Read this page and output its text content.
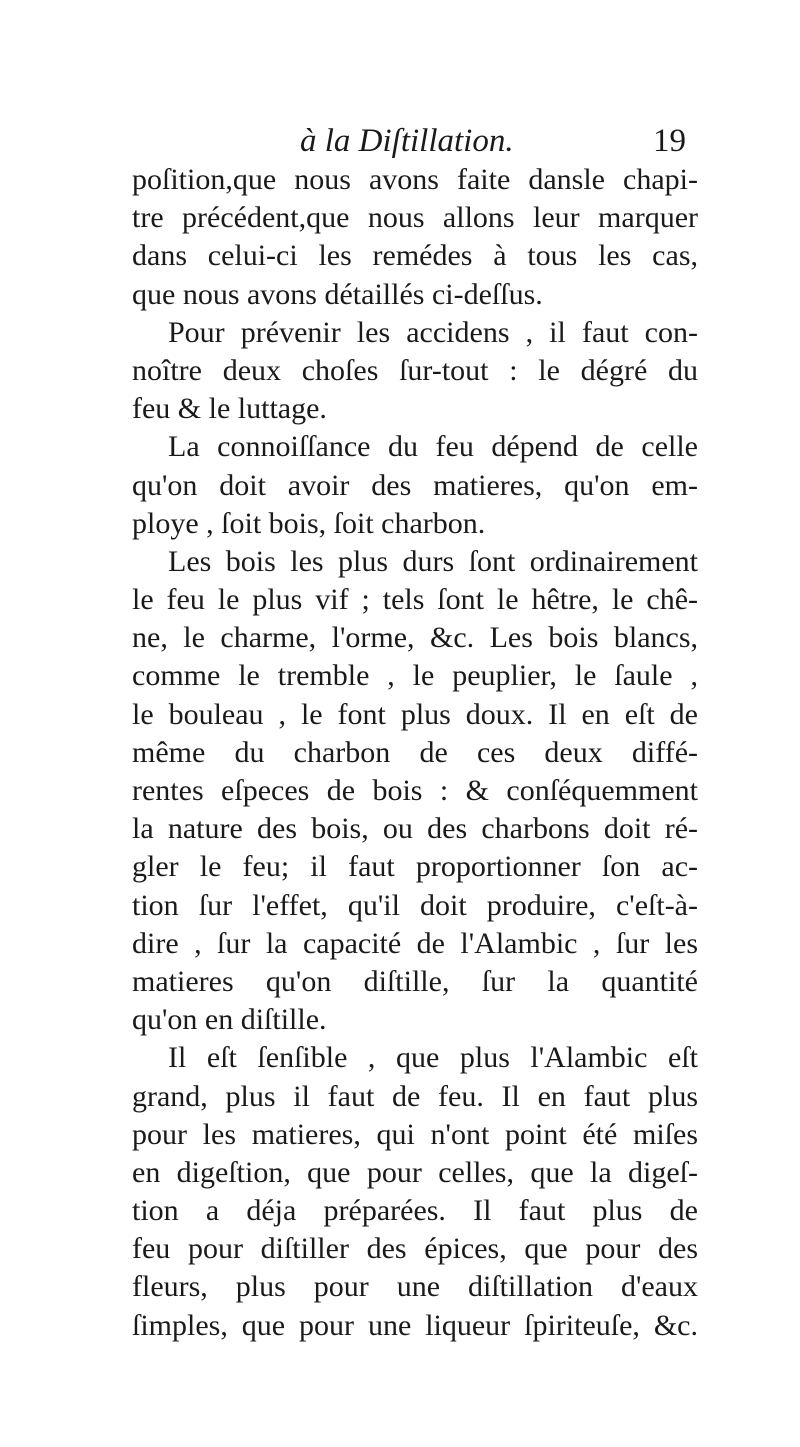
à la Diſtillation.	19
poſition,que nous avons faite dansle chapi-
tre précédent,que nous allons leur marquer
dans celui-ci les remédes à tous les cas,
que nous avons détaillés ci-deſſus.
Pour prévenir les accidens , il faut con-
noître deux choſes ſur-tout : le dégré du
feu & le luttage.
La connoiſſance du feu dépend de celle
qu'on doit avoir des matieres, qu'on em-
ploye , ſoit bois, ſoit charbon.
Les bois les plus durs ſont ordinairement
le feu le plus vif ; tels ſont le hêtre, le chê-
ne, le charme, l'orme, &c. Les bois blancs,
comme le tremble , le peuplier, le ſaule ,
le bouleau , le font plus doux. Il en eſt de
même du charbon de ces deux diffé-
rentes eſpeces de bois : & conſéquemment
la nature des bois, ou des charbons doit ré-
gler le feu; il faut proportionner ſon ac-
tion ſur l'effet, qu'il doit produire, c'eſt-à-
dire , ſur la capacité de l'Alambic , ſur les
matieres qu'on diſtille, ſur la quantité
qu'on en diſtille.
Il eſt ſenſible , que plus l'Alambic eſt
grand, plus il faut de feu. Il en faut plus
pour les matieres, qui n'ont point été miſes
en digeſtion, que pour celles, que la digeſ-
tion a déja préparées. Il faut plus de
feu pour diſtiller des épices, que pour des
fleurs, plus pour une diſtillation d'eaux
ſimples, que pour une liqueur ſpiriteuſe, &c.
